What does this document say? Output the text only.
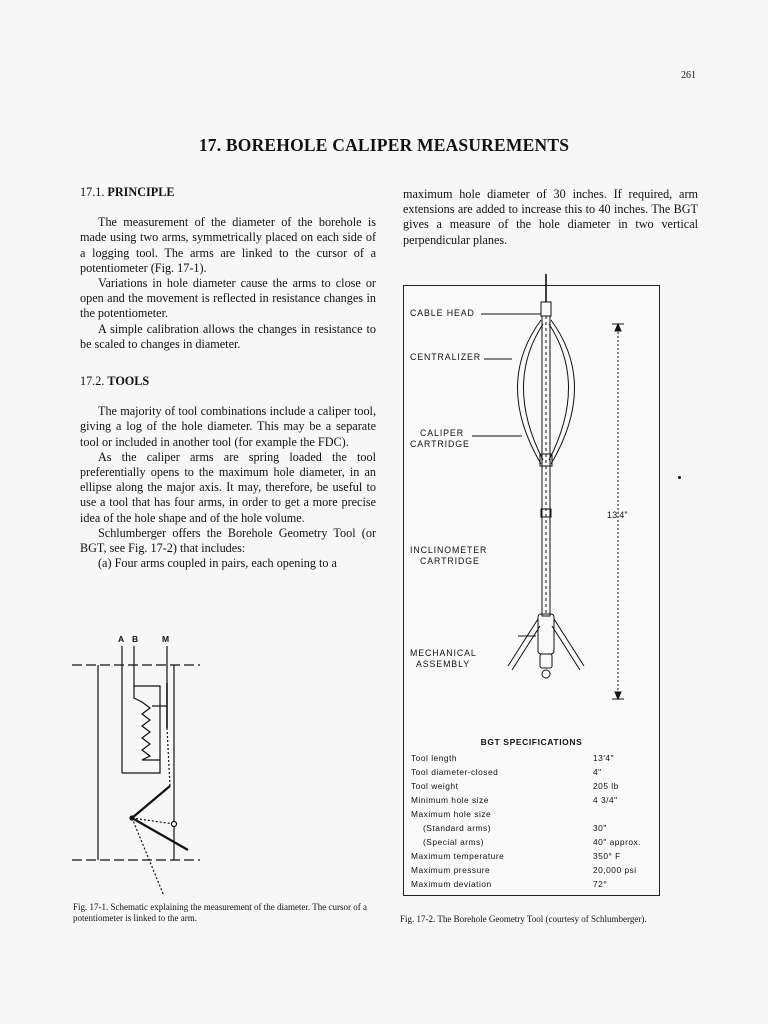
261
17. BOREHOLE CALIPER MEASUREMENTS
17.1. PRINCIPLE

The measurement of the diameter of the borehole is made using two arms, symmetrically placed on each side of a logging tool. The arms are linked to the cursor of a potentiometer (Fig. 17-1).

Variations in hole diameter cause the arms to close or open and the movement is reflected in resistance changes in the potentiometer.

A simple calibration allows the changes in resistance to be scaled to changes in diameter.

17.2. TOOLS

The majority of tool combinations include a caliper tool, giving a log of the hole diameter. This may be a separate tool or included in another tool (for example the FDC).

As the caliper arms are spring loaded the tool preferentially opens to the maximum hole diameter, in an ellipse along the major axis. It may, therefore, be useful to use a tool that has four arms, in order to get a more precise idea of the hole shape and of the hole volume.

Schlumberger offers the Borehole Geometry Tool (or BGT, see Fig. 17-2) that includes:

(a) Four arms coupled in pairs, each opening to a

maximum hole diameter of 30 inches. If required, arm extensions are added to increase this to 40 inches. The BGT gives a measure of the hole diameter in two vertical perpendicular planes.

A B	M
Fig. 17-1. Schematic explaining the measurement of the diameter. The cursor of a potentiometer is linked to the arm.
CABLE HEAD
CENTRALIZER
CALIPER
CARTRIDGE
INCLINOMETER
CARTRIDGE
MECHANICAL
ASSEMBLY
13'4"
BGT SPECIFICATIONS
Tool length	13'4"
Tool diameter-closed	4"
Tool weight	205 lb
Minimum hole size	4 3/4"
Maximum hole size
(Standard arms)	30"
(Special arms)	40" approx.
Maximum temperature	350° F
Maximum pressure	20,000 psi
Maximum deviation	72°
Fig. 17-2. The Borehole Geometry Tool (courtesy of Schlumberger).
